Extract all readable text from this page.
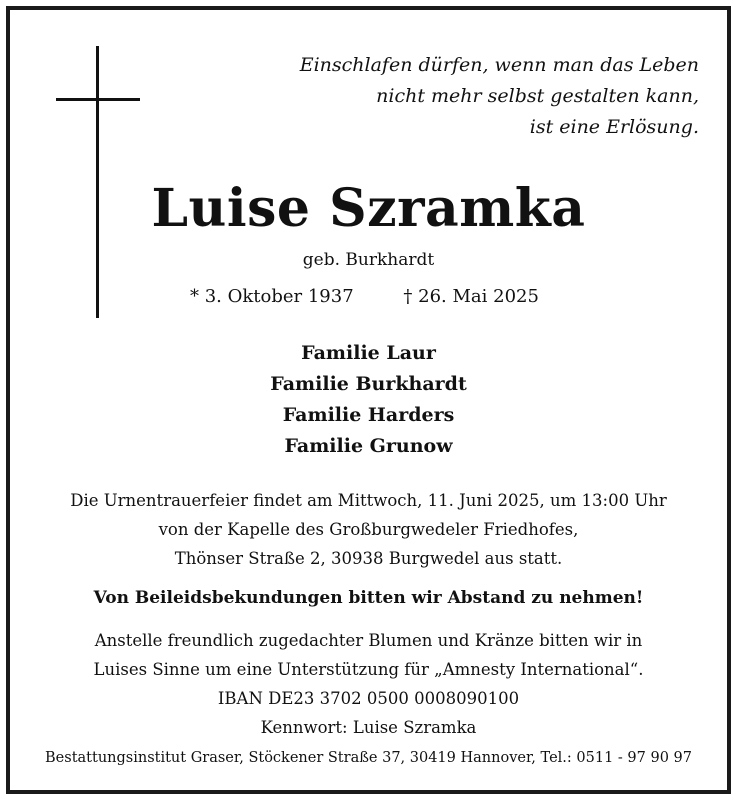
Einschlafen dürfen, wenn man das Leben
nicht mehr selbst gestalten kann,
ist eine Erlösung.
Luise Szramka
geb. Burkhardt
* 3. Oktober 1937	† 26. Mai 2025
Familie Laur
Familie Burkhardt
Familie Harders
Familie Grunow
Die Urnentrauerfeier findet am Mittwoch, 11. Juni 2025, um 13:00 Uhr
von der Kapelle des Großburgwedeler Friedhofes,
Thönser Straße 2, 30938 Burgwedel aus statt.
Von Beileidsbekundungen bitten wir Abstand zu nehmen!
Anstelle freundlich zugedachter Blumen und Kränze bitten wir in
Luises Sinne um eine Unterstützung für „Amnesty International“.
IBAN DE23 3702 0500 0008090100
Kennwort: Luise Szramka
Bestattungsinstitut Graser, Stöckener Straße 37, 30419 Hannover, Tel.: 0511 - 97 90 97
